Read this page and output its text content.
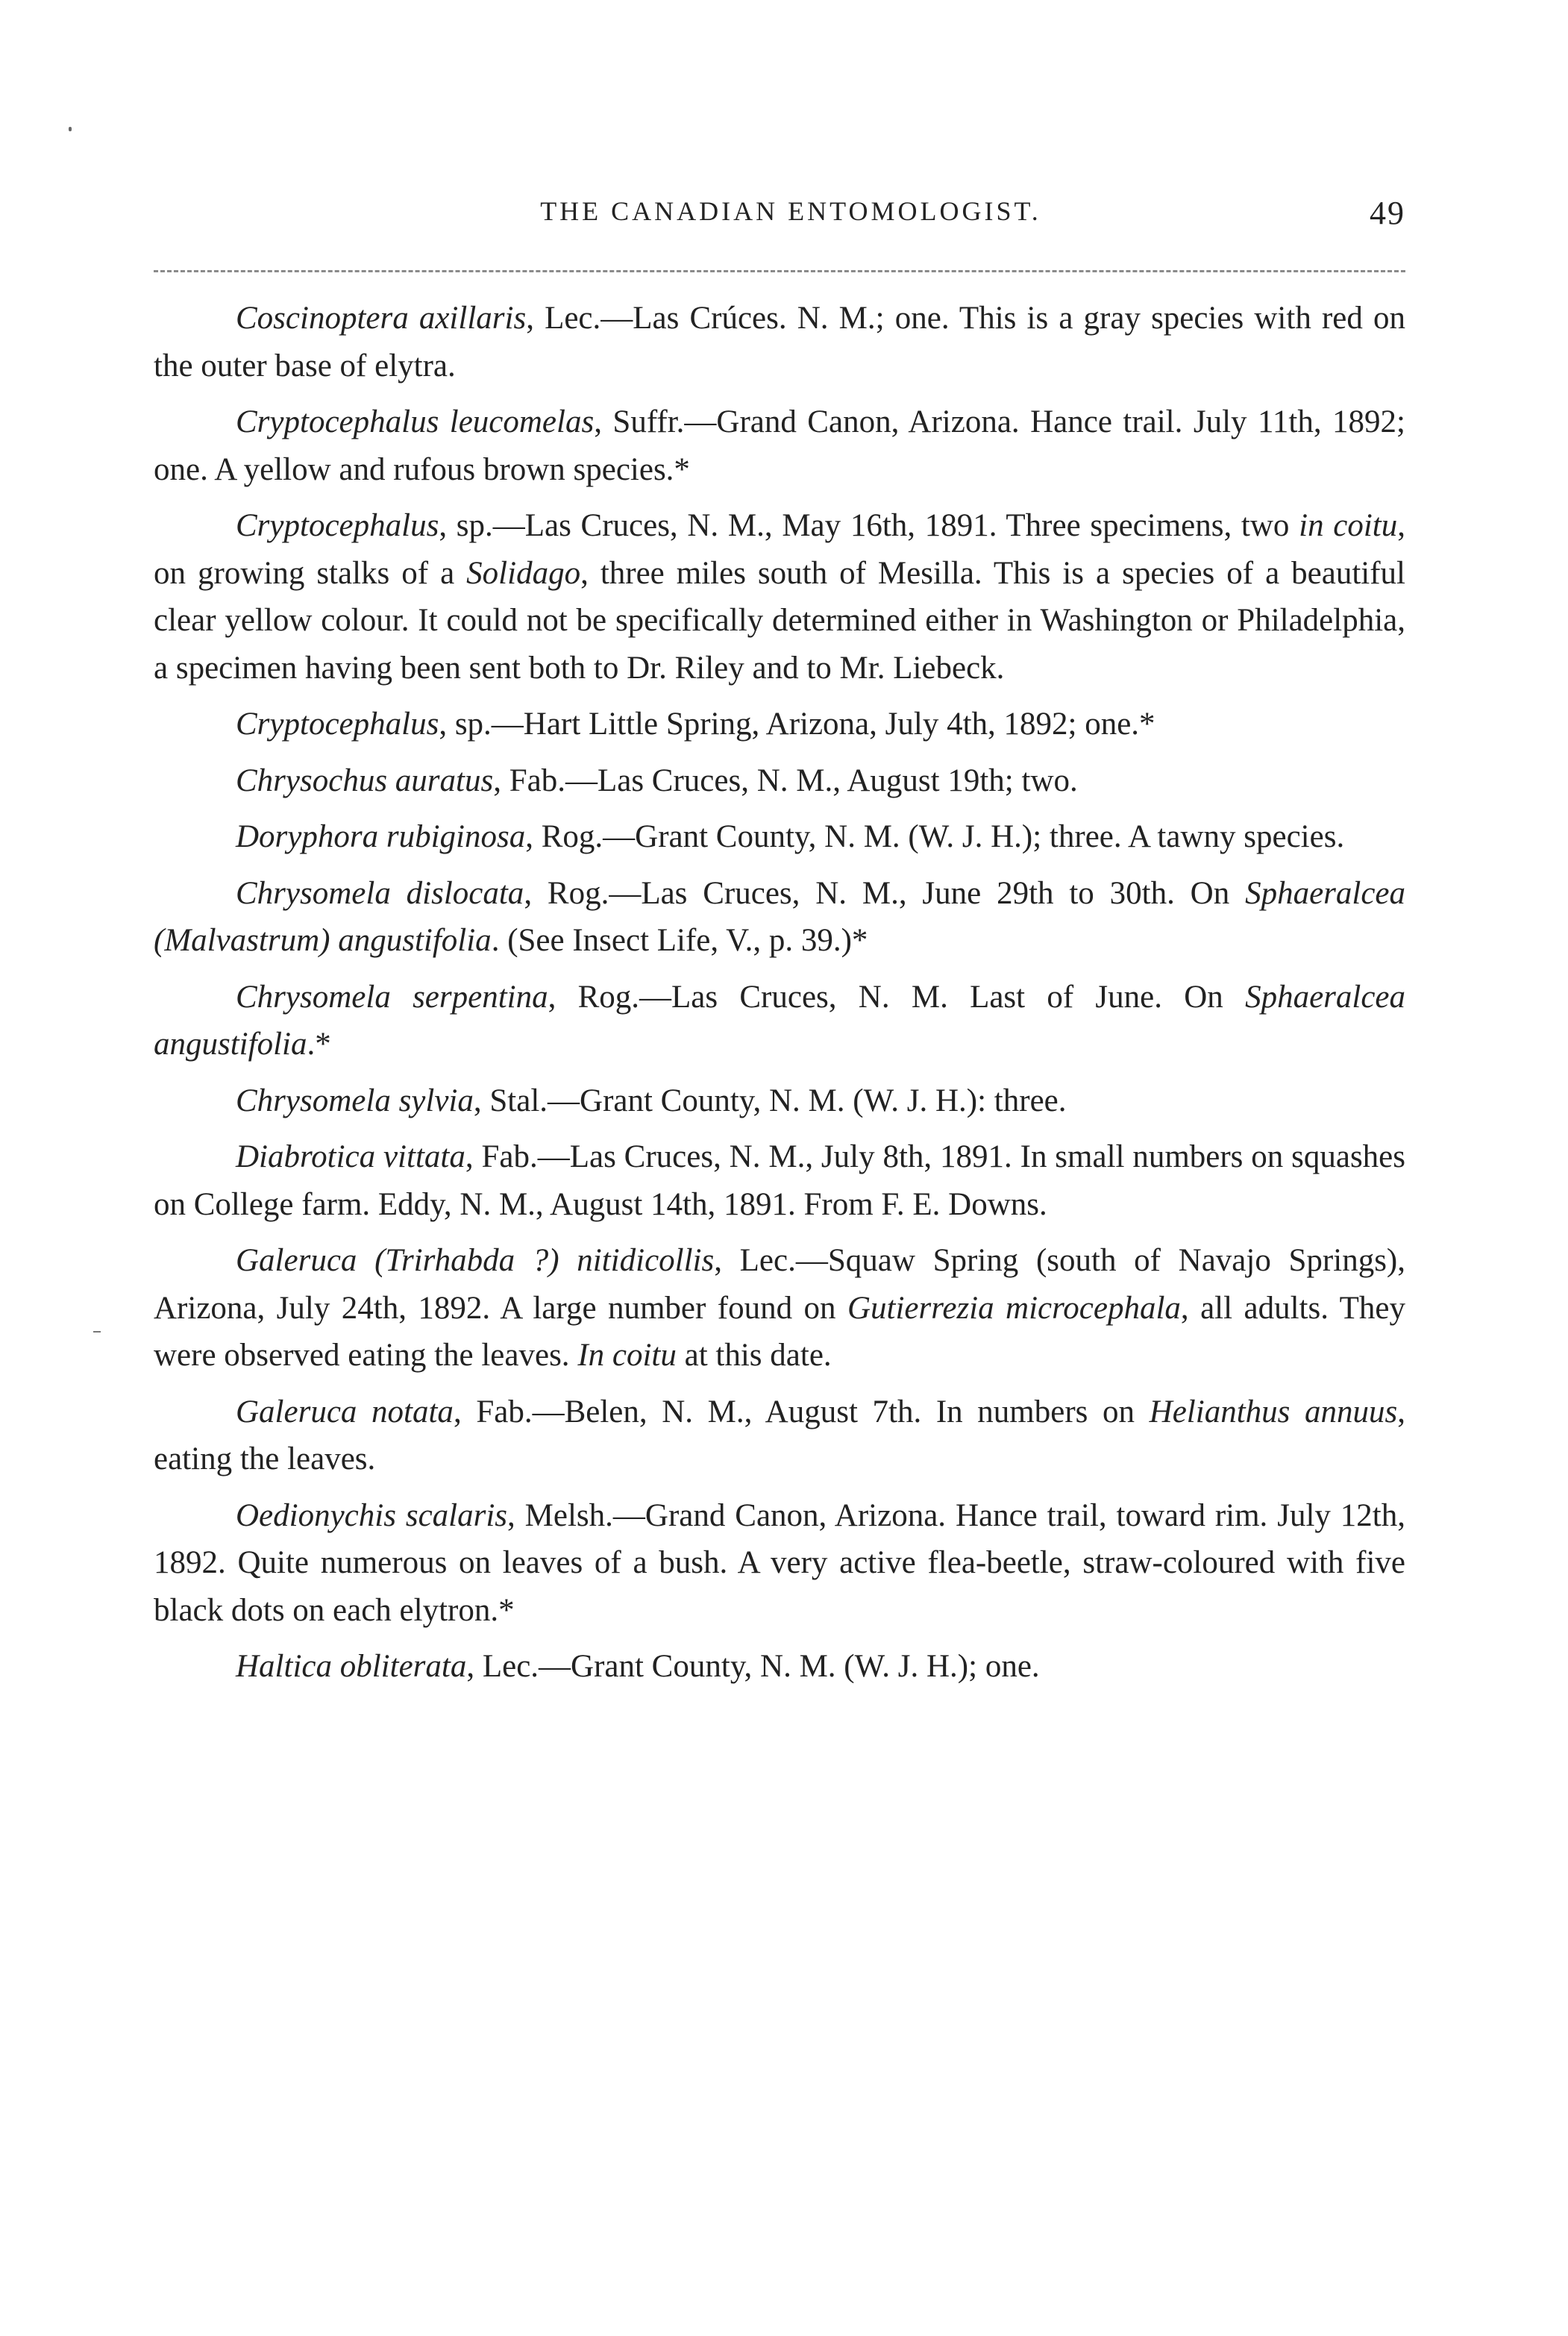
THE CANADIAN ENTOMOLOGIST.	49

Coscinoptera axillaris, Lec.—Las Crúces. N. M.; one. This is a gray species with red on the outer base of elytra.

Cryptocephalus leucomelas, Suffr.—Grand Canon, Arizona. Hance trail. July 11th, 1892; one. A yellow and rufous brown species.*

Cryptocephalus, sp.—Las Cruces, N. M., May 16th, 1891. Three specimens, two in coitu, on growing stalks of a Solidago, three miles south of Mesilla. This is a species of a beautiful clear yellow colour. It could not be specifically determined either in Washington or Philadelphia, a specimen having been sent both to Dr. Riley and to Mr. Liebeck.

Cryptocephalus, sp.—Hart Little Spring, Arizona, July 4th, 1892; one.*

Chrysochus auratus, Fab.—Las Cruces, N. M., August 19th; two.

Doryphora rubiginosa, Rog.—Grant County, N. M. (W. J. H.); three. A tawny species.

Chrysomela dislocata, Rog.—Las Cruces, N. M., June 29th to 30th. On Sphaeralcea (Malvastrum) angustifolia. (See Insect Life, V., p. 39.)*

Chrysomela serpentina, Rog.—Las Cruces, N. M. Last of June. On Sphaeralcea angustifolia.*

Chrysomela sylvia, Stal.—Grant County, N. M. (W. J. H.): three.

Diabrotica vittata, Fab.—Las Cruces, N. M., July 8th, 1891. In small numbers on squashes on College farm. Eddy, N. M., August 14th, 1891. From F. E. Downs.

Galeruca (Trirhabda ?) nitidicollis, Lec.—Squaw Spring (south of Navajo Springs), Arizona, July 24th, 1892. A large number found on Gutierrezia microcephala, all adults. They were observed eating the leaves. In coitu at this date.

Galeruca notata, Fab.—Belen, N. M., August 7th. In numbers on Helianthus annuus, eating the leaves.

Oedionychis scalaris, Melsh.—Grand Canon, Arizona. Hance trail, toward rim. July 12th, 1892. Quite numerous on leaves of a bush. A very active flea-beetle, straw-coloured with five black dots on each elytron.*

Haltica obliterata, Lec.—Grant County, N. M. (W. J. H.); one.
